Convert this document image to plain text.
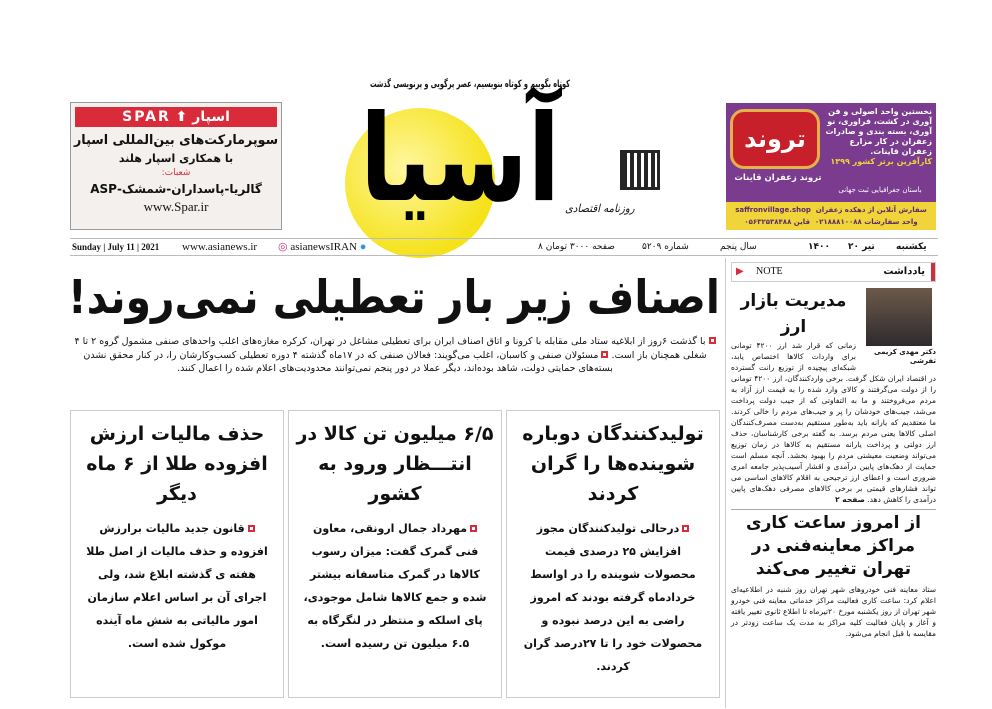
اسپار ⬆ SPAR
سوپرمارکت‌های بین‌المللی اسپار
با همکاری اسپار هلند
شعبات:
گالریا-پاسداران-شمشک-ASP
www.Spar.ir آسیا
کوتاه بگوییم و کوتاه بنویسیم، عصر پرگویی و پرنویسی گذشت
روزنامه اقتصادی
نخستین واحد اصولی و فن آوری در کشت، فراوری، نو آوری، بسته بندی و صادرات زعفران در کار مزارع زعفران قاینات.
کارآفرین برتر کشور ۱۳۹۹
تروند
تروند زعفران قاینات
باستان جغرافیایی ثبت جهانی
سفارش آنلاین از دهکده زعفران  saffronvillage.shop
واحد سفارشات ۰۲۱۸۸۸۱۰۰۸۸  قاین ۰۵۶۳۲۵۳۸۴۸۸
Sunday | July 11 | 2021 www.asianews.ir ◎ asianewsIRAN ●	۸ صفحه ۳۰۰۰ تومان	شماره ۵۲۰۹	سال پنجم	۱۴۰۰ ۲۰ تیر یکشنبه
▶ NOTE	یادداشت
اصناف زیر بار تعطیلی نمی‌روند!
با گذشت ۶روز از ابلاغیه ستاد ملی مقابله با کرونا و اتاق اصناف ایران برای تعطیلی مشاغل در تهران، کرکره مغازه‌های اغلب واحدهای صنفی مشمول گروه ۲ تا ۴ شغلی همچنان باز است. مسئولان صنفی و کاسبان، اغلب می‌گویند: فعالان صنفی که در ۱۷ماه گذشته ۴ دوره تعطیلی کسب‌وکارشان را، در کنار محقق نشدن بسته‌های حمایتی دولت، شاهد بوده‌اند، دیگر عملا در دور پنجم نمی‌توانند محدودیت‌های اعلام شده را اعمال کنند.
تولیدکنندگان دوباره شوینده‌ها را گران کردند

درحالی تولیدکنندگان مجوز افزایش ۲۵ درصدی قیمت محصولات شوینده را در اواسط خردادماه گرفته بودند که امروز راضی به این درصد نبوده و محصولات خود را تا ۲۷درصد گران کردند.

۶/۵ میلیون تن کالا در انتـــظار ورود به کشور

مهرداد جمال ارونقی، معاون فنی گمرک گفت: میزان رسوب کالاها در گمرک متاسفانه بیشتر شده و جمع کالاها شامل موجودی، پای اسلکه و منتظر در لنگرگاه به ۶.۵ میلیون تن رسیده است.

حذف مالیات ارزش افزوده طلا از ۶ ماه دیگر

قانون جدید مالیات برارزش افزوده و حذف مالیات از اصل طلا هفته ی گذشته ابلاغ شد، ولی اجرای آن بر اساس اعلام سازمان امور مالیاتی به شش ماه آینده موکول شده است.

دکتر مهدی کریمی تفرشی
مدیریت بازار ارز
زمانی که قرار شد ارز ۴۲۰۰ تومانی برای واردات کالاها اختصاص یابد، شبکه‌ای پیچیده از توزیع رانت گسترده در اقتصاد ایران شکل گرفت. برخی واردکنندگان، ارز ۴۲۰۰ تومانی را از دولت می‌گرفتند و کالای وارد شده را به قیمت ارز آزاد به مردم می‌فروختند و ما به التفاوتی که از جیب دولت پرداخت می‌شد، جیب‌های خودشان را پر و جیب‌های مردم را خالی کردند. ما معتقدیم که یارانه باید به‌طور مستقیم به‌دست مصرف‌کنندگان اصلی کالاها یعنی مردم برسد. به گفته برخی کارشناسان، حذف ارز دولتی و پرداخت یارانه مستقیم به کالاها در زمان توزیع می‌تواند وضعیت معیشتی مردم را بهبود بخشد. آنچه مسلم است حمایت از دهک‌های پایین درآمدی و اقشار آسیب‌پذیر جامعه امری ضروری است و اعطای ارز ترجیحی به اقلام کالاهای اساسی می تواند فشارهای قیمتی بر برخی کالاهای مصرفی دهک‌های پایین درآمدی را کاهش دهد. صفحه ۲
از امروز ساعت کاری مراکز معاینه‌فنی در تهران تغییر می‌کند
ستاد معاینه فنی خودروهای شهر تهران روز شنبه در اطلاعیه‌ای اعلام کرد: ساعت کاری فعالیت مراکز خدماتی معاینه فنی خودرو شهر تهران از روز یکشنبه مورخ ۲۰تیرماه تا اطلاع ثانوی تغییر یافته و آغاز و پایان فعالیت کلیه مراکز به مدت یک ساعت زودتر در مقایسه با قبل انجام می‌شود.
